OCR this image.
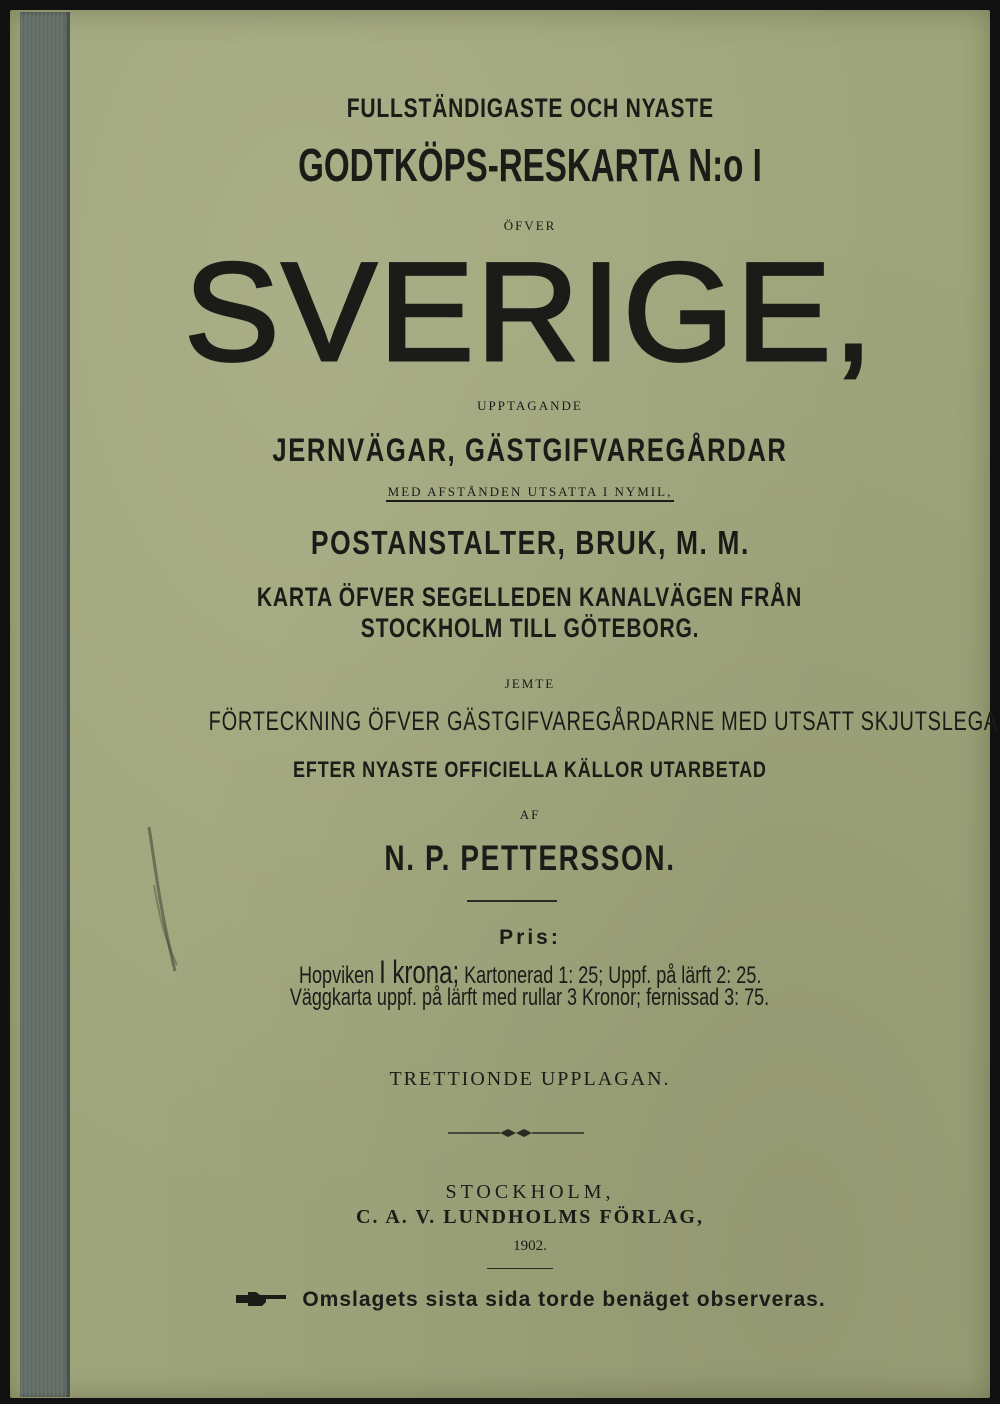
FULLSTÄNDIGASTE OCH NYASTE
GODTKÖPS-RESKARTA N:o I
ÖFVER
SVERIGE,
UPPTAGANDE
JERNVÄGAR, GÄSTGIFVAREGÅRDAR
MED AFSTÅNDEN UTSATTA I NYMIL,
POSTANSTALTER, BRUK, M. M.
KARTA ÖFVER SEGELLEDEN KANALVÄGEN FRÅN
STOCKHOLM TILL GÖTEBORG.
JEMTE
FÖRTECKNING ÖFVER GÄSTGIFVAREGÅRDARNE MED UTSATT SKJUTSLEGA
EFTER NYASTE OFFICIELLA KÄLLOR UTARBETAD
AF
N. P. PETTERSSON.
Pris:
Hopviken I krona; Kartonerad 1: 25; Uppf. på lärft 2: 25.
Väggkarta uppf. på lärft med rullar 3 Kronor; fernissad 3: 75.
TRETTIONDE UPPLAGAN.
STOCKHOLM,
C. A. V. LUNDHOLMS FÖRLAG,
1902.
Omslagets sista sida torde benäget observeras.
